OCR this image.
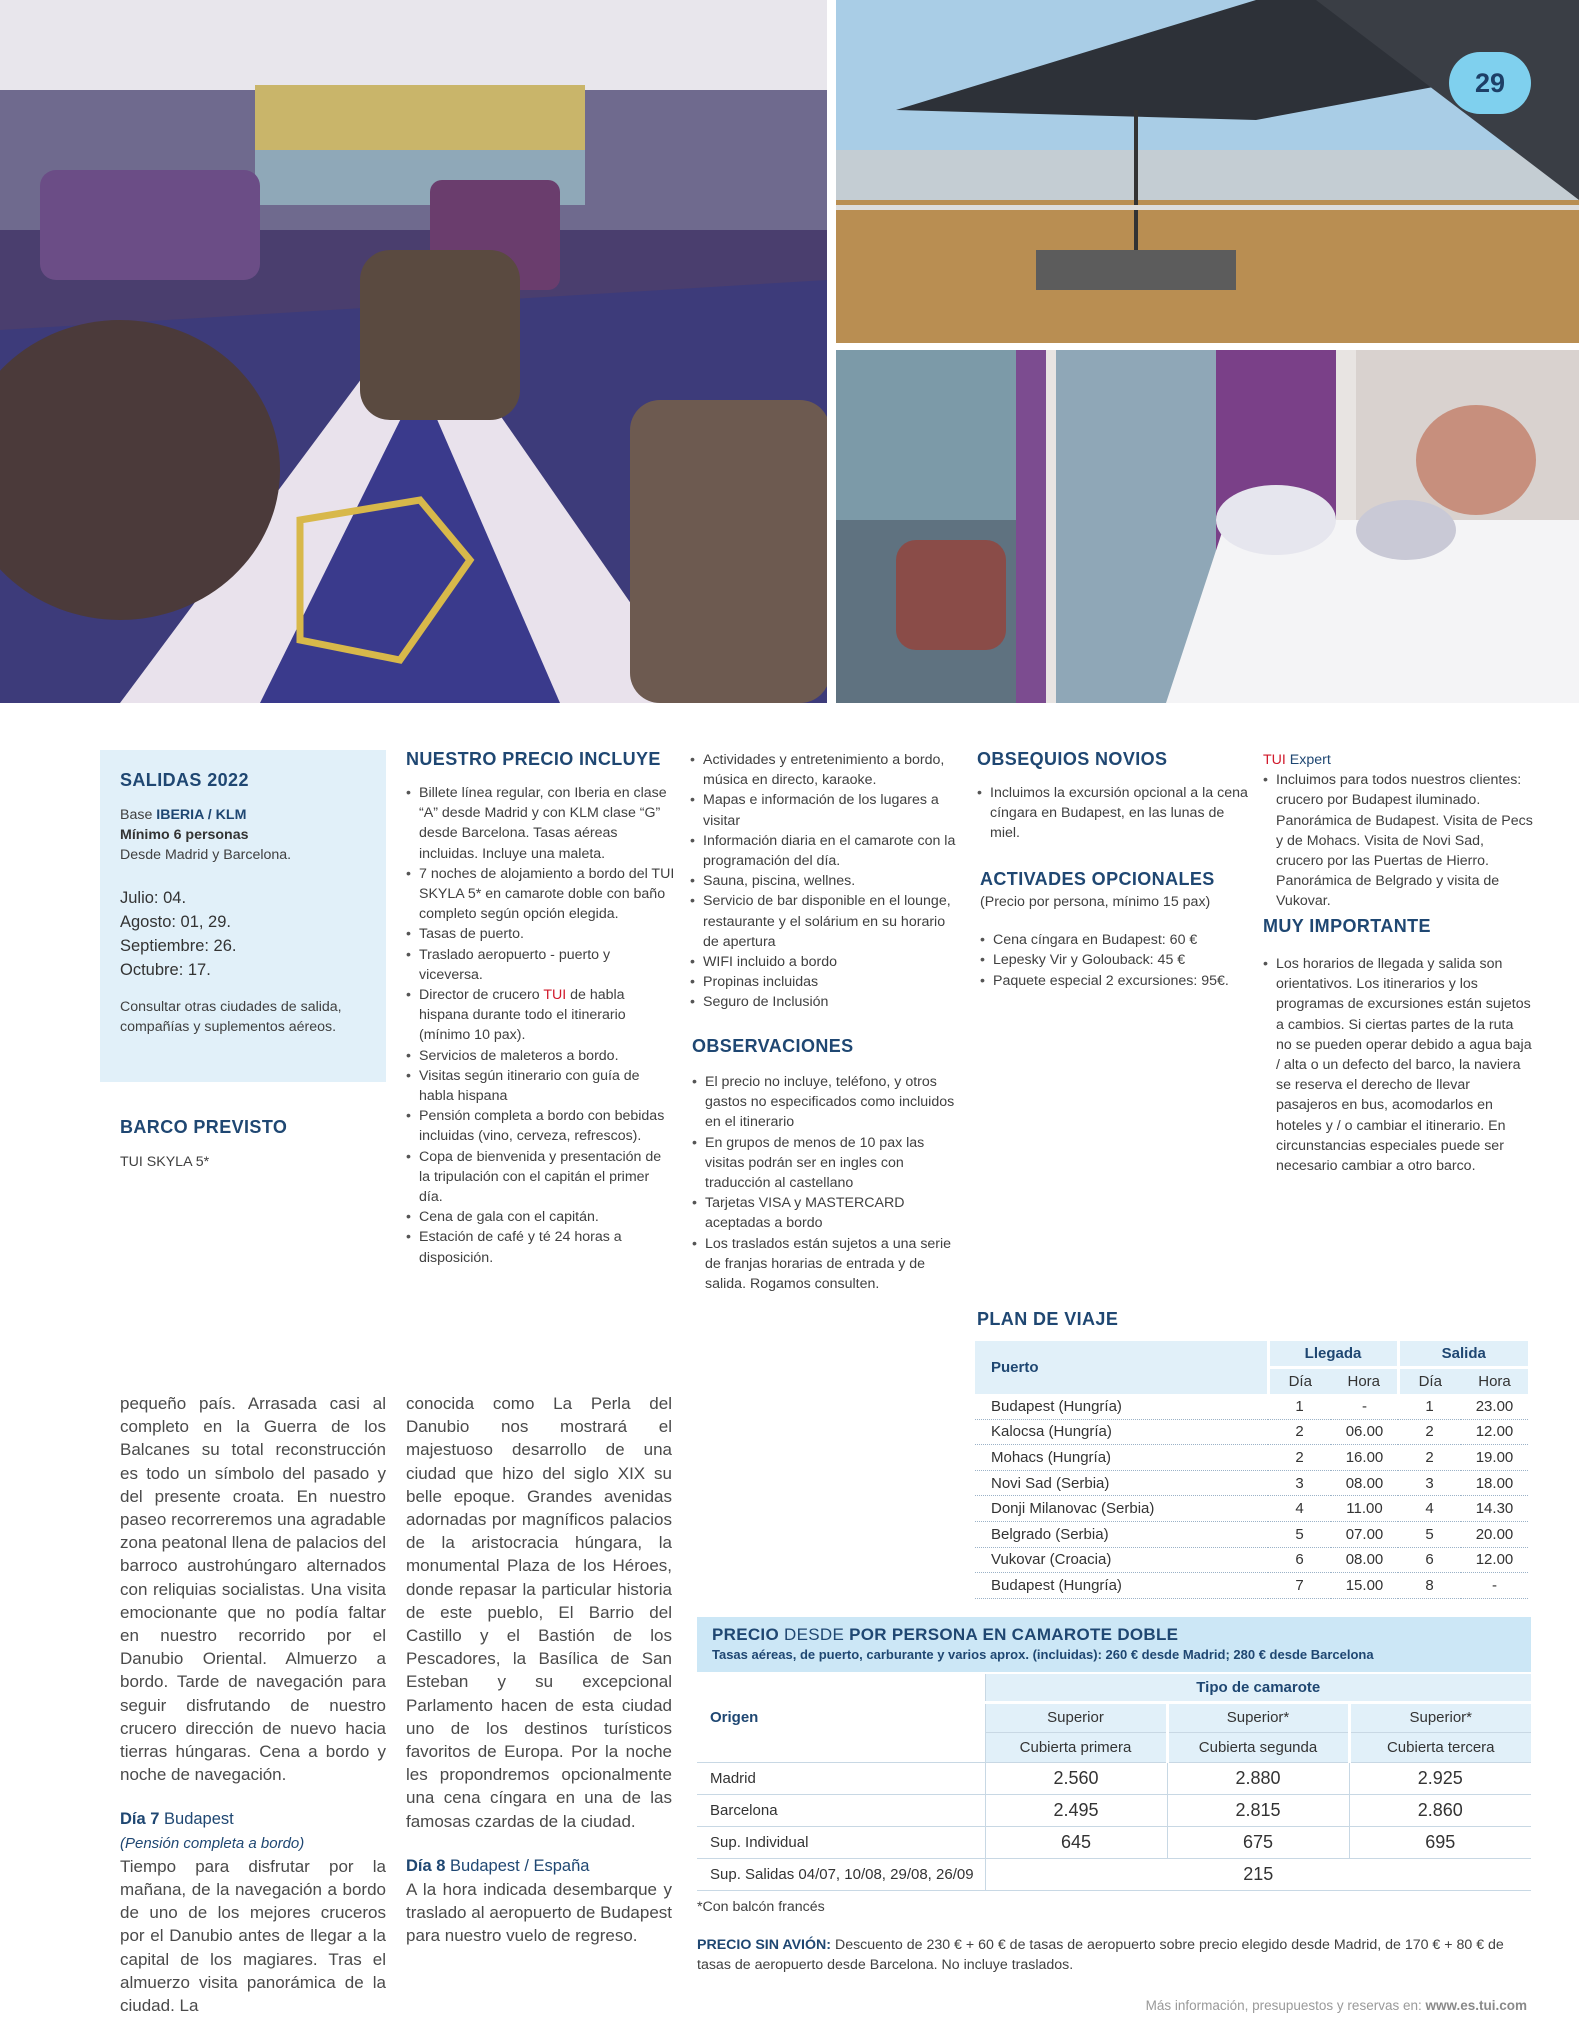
29

SALIDAS 2022

Base IBERIA / KLM
Mínimo 6 personas
Desde Madrid y Barcelona.
Julio: 04.
Agosto: 01, 29.
Septiembre: 26.
Octubre: 17.
Consultar otras ciudades de salida, compañías y suplementos aéreos.

BARCO PREVISTO

TUI SKYLA 5*

NUESTRO PRECIO INCLUYE

• Billete línea regular, con Iberia en clase “A” desde Madrid y con KLM clase “G” desde Barcelona. Tasas aéreas incluidas. Incluye una maleta.
• 7 noches de alojamiento a bordo del TUI SKYLA 5* en camarote doble con baño completo según opción elegida.
• Tasas de puerto.
• Traslado aeropuerto - puerto y viceversa.
• Director de crucero TUI de habla hispana durante todo el itinerario (mínimo 10 pax).
• Servicios de maleteros a bordo.
• Visitas según itinerario con guía de habla hispana
• Pensión completa a bordo con bebidas incluidas (vino, cerveza, refrescos).
• Copa de bienvenida y presentación de la tripulación con el capitán el primer día.
• Cena de gala con el capitán.
• Estación de café y té 24 horas a disposición.
• Actividades y entretenimiento a bordo, música en directo, karaoke.
• Mapas e información de los lugares a visitar
• Información diaria en el camarote con la programación del día.
• Sauna, piscina, wellnes.
• Servicio de bar disponible en el lounge, restaurante y el solárium en su horario de apertura
• WIFI incluido a bordo
• Propinas incluidas
• Seguro de Inclusión

OBSERVACIONES

• El precio no incluye, teléfono, y otros gastos no especificados como incluidos en el itinerario
• En grupos de menos de 10 pax las visitas podrán ser en ingles con traducción al castellano
• Tarjetas VISA y MASTERCARD aceptadas a bordo
• Los traslados están sujetos a una serie de franjas horarias de entrada y de salida. Rogamos consulten.

OBSEQUIOS NOVIOS

• Incluimos la excursión opcional a la cena cíngara en Budapest, en las lunas de miel.

ACTIVADES OPCIONALES

(Precio por persona, mínimo 15 pax)
• Cena cíngara en Budapest: 60 €
• Lepesky Vir y Golouback: 45 €
• Paquete especial 2 excursiones: 95€.
TUI Expert
• Incluimos para todos nuestros clientes: crucero por Budapest iluminado. Panorámica de Budapest. Visita de Pecs y de Mohacs. Visita de Novi Sad, crucero por las Puertas de Hierro. Panorámica de Belgrado y visita de Vukovar.

MUY IMPORTANTE

• Los horarios de llegada y salida son orientativos. Los itinerarios y los programas de excursiones están sujetos a cambios. Si ciertas partes de la ruta no se pueden operar debido a agua baja / alta o un defecto del barco, la naviera se reserva el derecho de llevar pasajeros en bus, acomodarlos en hoteles y / o cambiar el itinerario. En circunstancias especiales puede ser necesario cambiar a otro barco.
pequeño país. Arrasada casi al completo en la Guerra de los Balcanes su total reconstrucción es todo un símbolo del pasado y del presente croata. En nuestro paseo recorreremos una agradable zona peatonal llena de palacios del barroco austrohúngaro alternados con reliquias socialistas. Una visita emocionante que no podía faltar en nuestro recorrido por el Danubio Oriental. Almuerzo a bordo. Tarde de navegación para seguir disfrutando de nuestro crucero dirección de nuevo hacia tierras húngaras. Cena a bordo y noche de navegación.
Día 7 Budapest
(Pensión completa a bordo)
Tiempo para disfrutar por la mañana, de la navegación a bordo de uno de los mejores cruceros por el Danubio antes de llegar a la capital de los magiares. Tras el almuerzo visita panorámica de la ciudad. La
conocida como La Perla del Danubio nos mostrará el majestuoso desarrollo de una ciudad que hizo del siglo XIX su belle epoque. Grandes avenidas adornadas por magníficos palacios de la aristocracia húngara, la monumental Plaza de los Héroes, donde repasar la particular historia de este pueblo, El Barrio del Castillo y el Bastión de los Pescadores, la Basílica de San Esteban y su excepcional Parlamento hacen de esta ciudad uno de los destinos turísticos favoritos de Europa. Por la noche les propondremos opcionalmente una cena cíngara en una de las famosas czardas de la ciudad.
Día 8 Budapest / España
A la hora indicada desembarque y traslado al aeropuerto de Budapest para nuestro vuelo de regreso.

PLAN DE VIAJE

Puerto	Llegada		Salida	
	Día	Hora	Día	Hora
Budapest (Hungría)	1	-	1	23.00
Kalocsa (Hungría)	2	06.00	2	12.00
Mohacs (Hungría)	2	16.00	2	19.00
Novi Sad (Serbia)	3	08.00	3	18.00
Donji Milanovac (Serbia)	4	11.00	4	14.30
Belgrado (Serbia)	5	07.00	5	20.00
Vukovar (Croacia)	6	08.00	6	12.00
Budapest (Hungría)	7	15.00	8	-
PRECIO DESDE POR PERSONA EN CAMAROTE DOBLE
Tasas aéreas, de puerto, carburante y varios aprox. (incluidas): 260 € desde Madrid; 280 € desde Barcelona
Origen	Tipo de camarote		
	Superior	Superior*	Superior*
	Cubierta primera	Cubierta segunda	Cubierta tercera
Madrid	2.560	2.880	2.925
Barcelona	2.495	2.815	2.860
Sup. Individual	645	675	695
Sup. Salidas 04/07, 10/08, 29/08, 26/09	215		
*Con balcón francés
PRECIO SIN AVIÓN: Descuento de 230 € + 60 € de tasas de aeropuerto sobre precio elegido desde Madrid, de 170 € + 80 € de tasas de aeropuerto desde Barcelona. No incluye traslados.
Más información, presupuestos y reservas en: www.es.tui.com
